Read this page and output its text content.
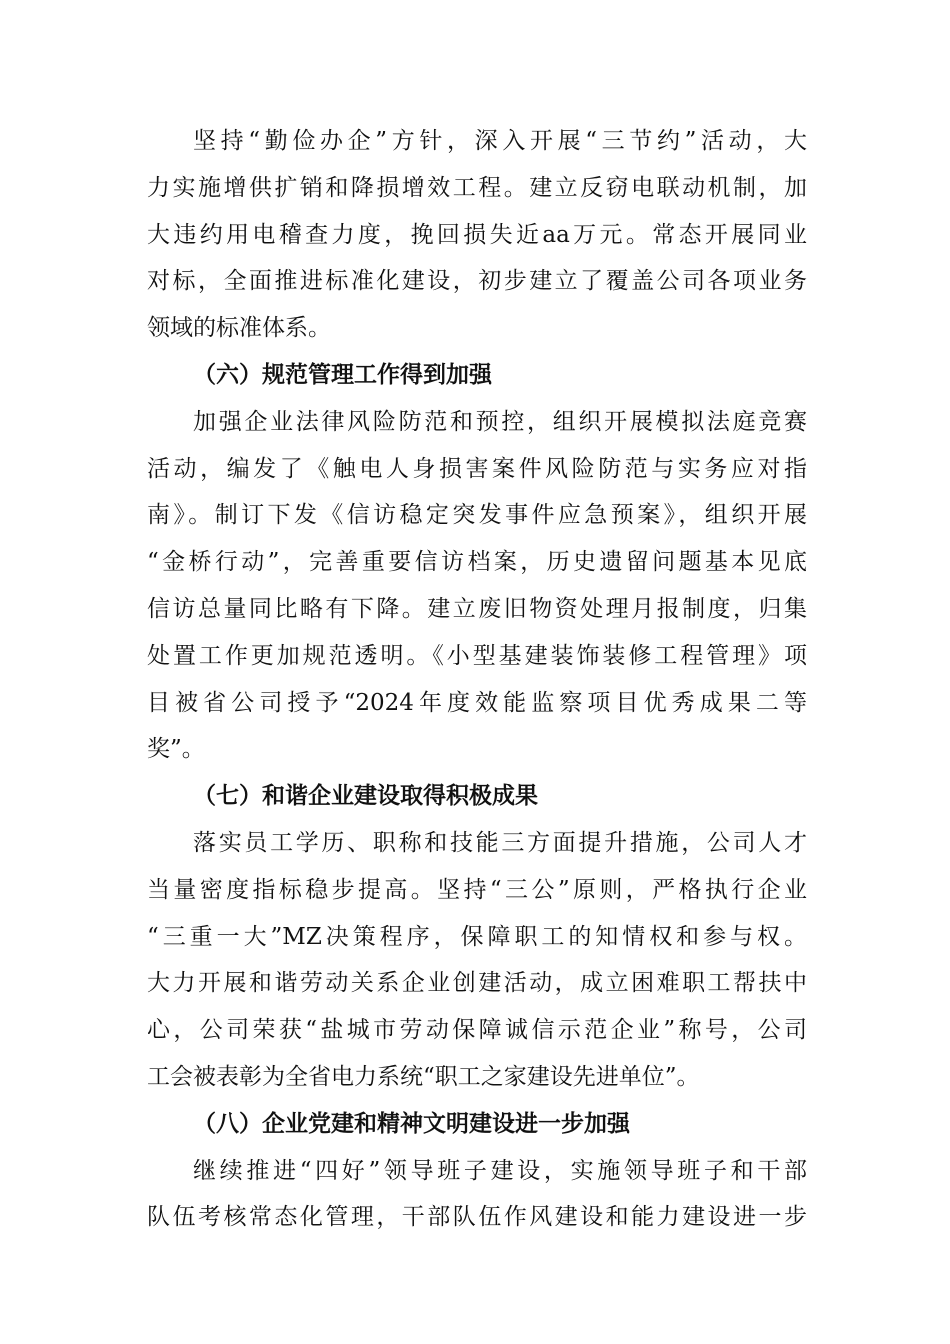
坚持“勤俭办企”方针，深入开展“三节约”活动，大
力实施增供扩销和降损增效工程。建立反窃电联动机制，加
大违约用电稽查力度，挽回损失近aa万元。常态开展同业
对标，全面推进标准化建设，初步建立了覆盖公司各项业务
领域的标准体系。
（六）规范管理工作得到加强
加强企业法律风险防范和预控，组织开展模拟法庭竞赛
活动，编发了《触电人身损害案件风险防范与实务应对指
南》。制订下发《信访稳定突发事件应急预案》，组织开展
“金桥行动”，完善重要信访档案，历史遗留问题基本见底
信访总量同比略有下降。建立废旧物资处理月报制度，归集
处置工作更加规范透明。《小型基建装饰装修工程管理》项
目被省公司授予“2024年度效能监察项目优秀成果二等
奖”。
（七）和谐企业建设取得积极成果
落实员工学历、职称和技能三方面提升措施，公司人才
当量密度指标稳步提高。坚持“三公”原则，严格执行企业
“三重一大”MZ决策程序，保障职工的知情权和参与权。
大力开展和谐劳动关系企业创建活动，成立困难职工帮扶中
心，公司荣获“盐城市劳动保障诚信示范企业”称号，公司
工会被表彰为全省电力系统“职工之家建设先进单位”。
（八）企业党建和精神文明建设进一步加强
继续推进“四好”领导班子建设，实施领导班子和干部
队伍考核常态化管理，干部队伍作风建设和能力建设进一步
